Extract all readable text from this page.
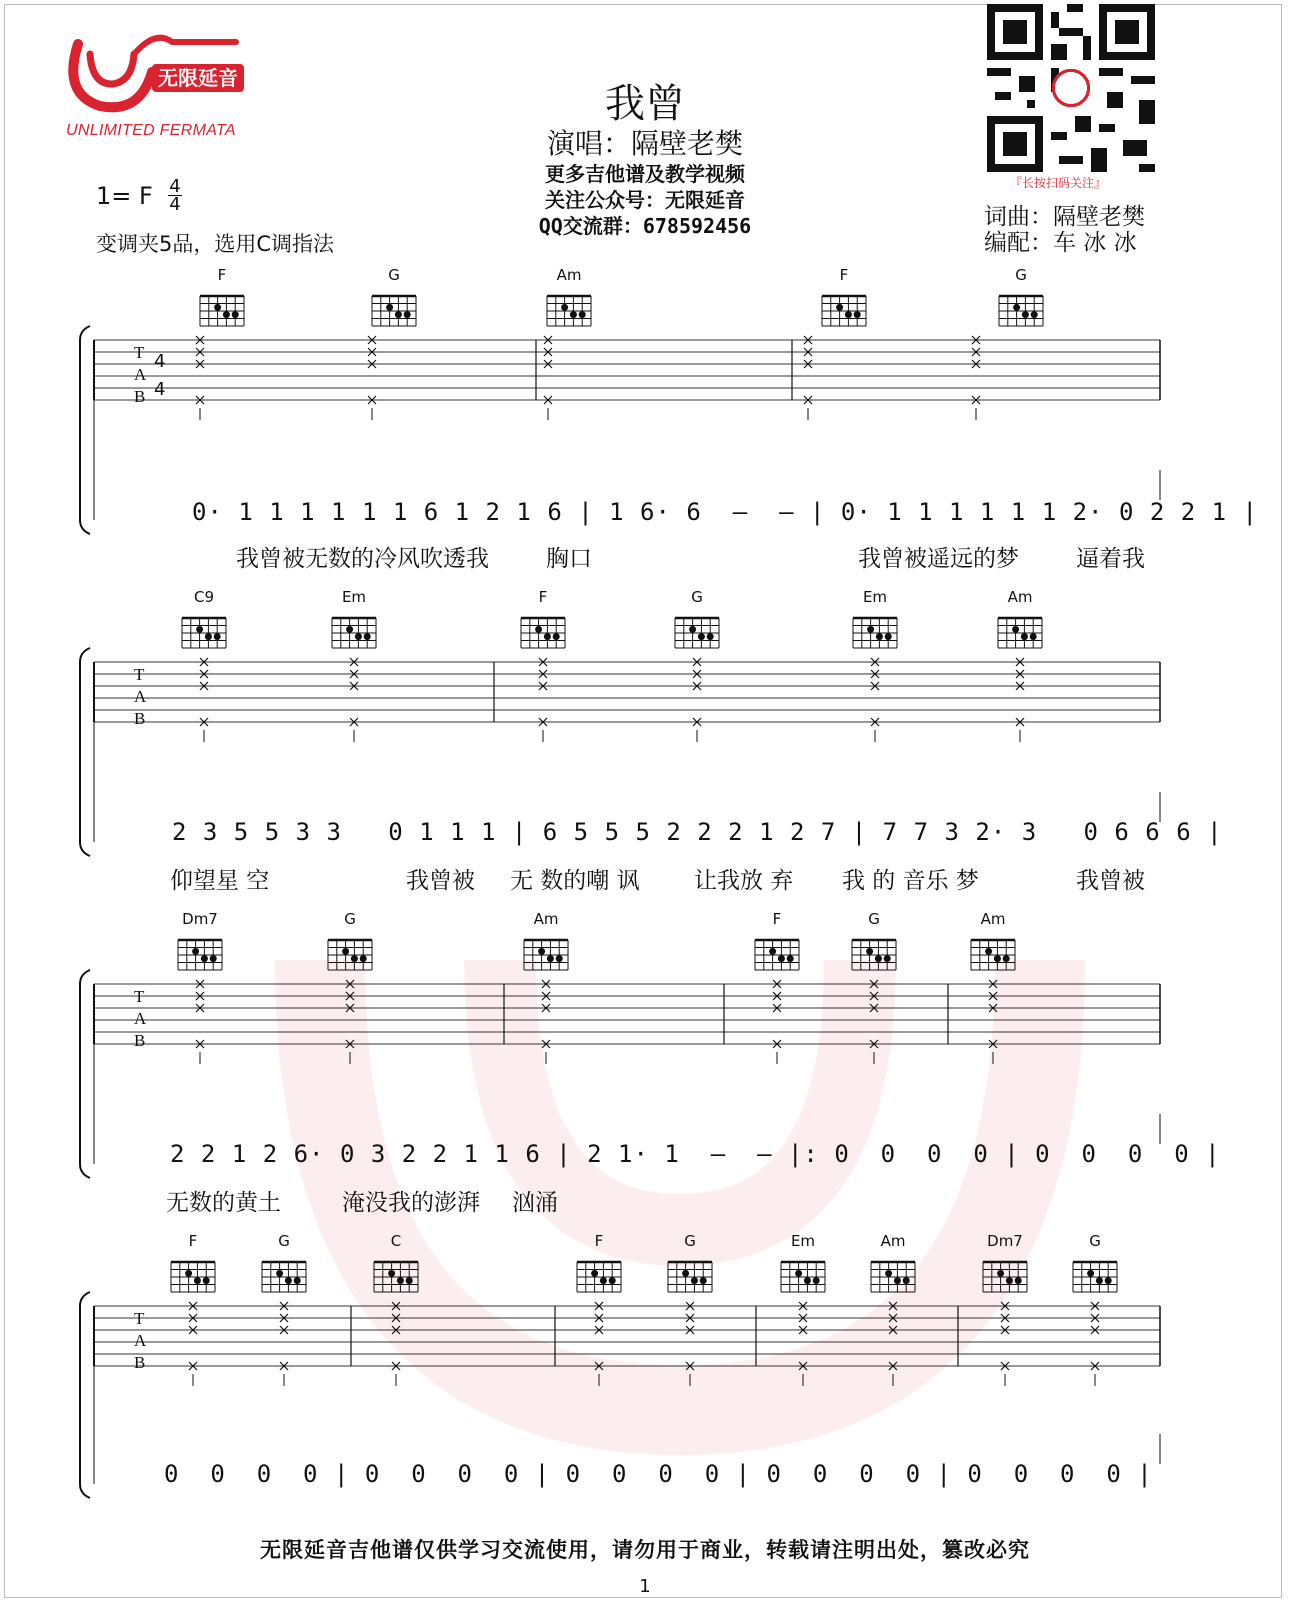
无限延音
UNLIMITED FERMATA
我曾
演唱：隔壁老樊
更多吉他谱及教学视频
关注公众号：无限延音
QQ交流群：678592456
1= F 4
4
变调夹5品，选用C调指法
『长按扫码关注』
词曲：隔壁老樊
编配：车 冰 冰
F	G	Am	F	G
0· 1 1 1 1 1 1 6 1 2 1 6 | 1 6· 6  —  — | 0· 1 1 1 1 1 1 2· 0 2 2 1 |
我曾被无数的冷风吹透我 胸口	我曾被遥远的梦 逼着我
C9	Em	F	G	Em	Am
2 3 5 5 3 3   0 1 1 1 | 6 5 5 5 2 2 2 1 2 7 | 7 7 3 2· 3   0 6 6 6 |
仰望星 空	我曾被 无 数的嘲 讽 让我放 弃 我 的 音乐 梦	我曾被
Dm7	G	Am	F	G	Am
2 2 1 2 6· 0 3 2 2 1 1 6 | 2 1· 1  —  — |: 0  0  0  0 | 0  0  0  0 |
无数的黄土	淹没我的澎湃 汹涌
F	G	C	F	G	Em	Am	Dm7	G
0  0  0  0 | 0  0  0  0 | 0  0  0  0 | 0  0  0  0 | 0  0  0  0 |
T
A
B
4
4
T
A
B
T
A
B
T
A
B
无限延音吉他谱仅供学习交流使用，请勿用于商业，转载请注明出处，篡改必究
1
